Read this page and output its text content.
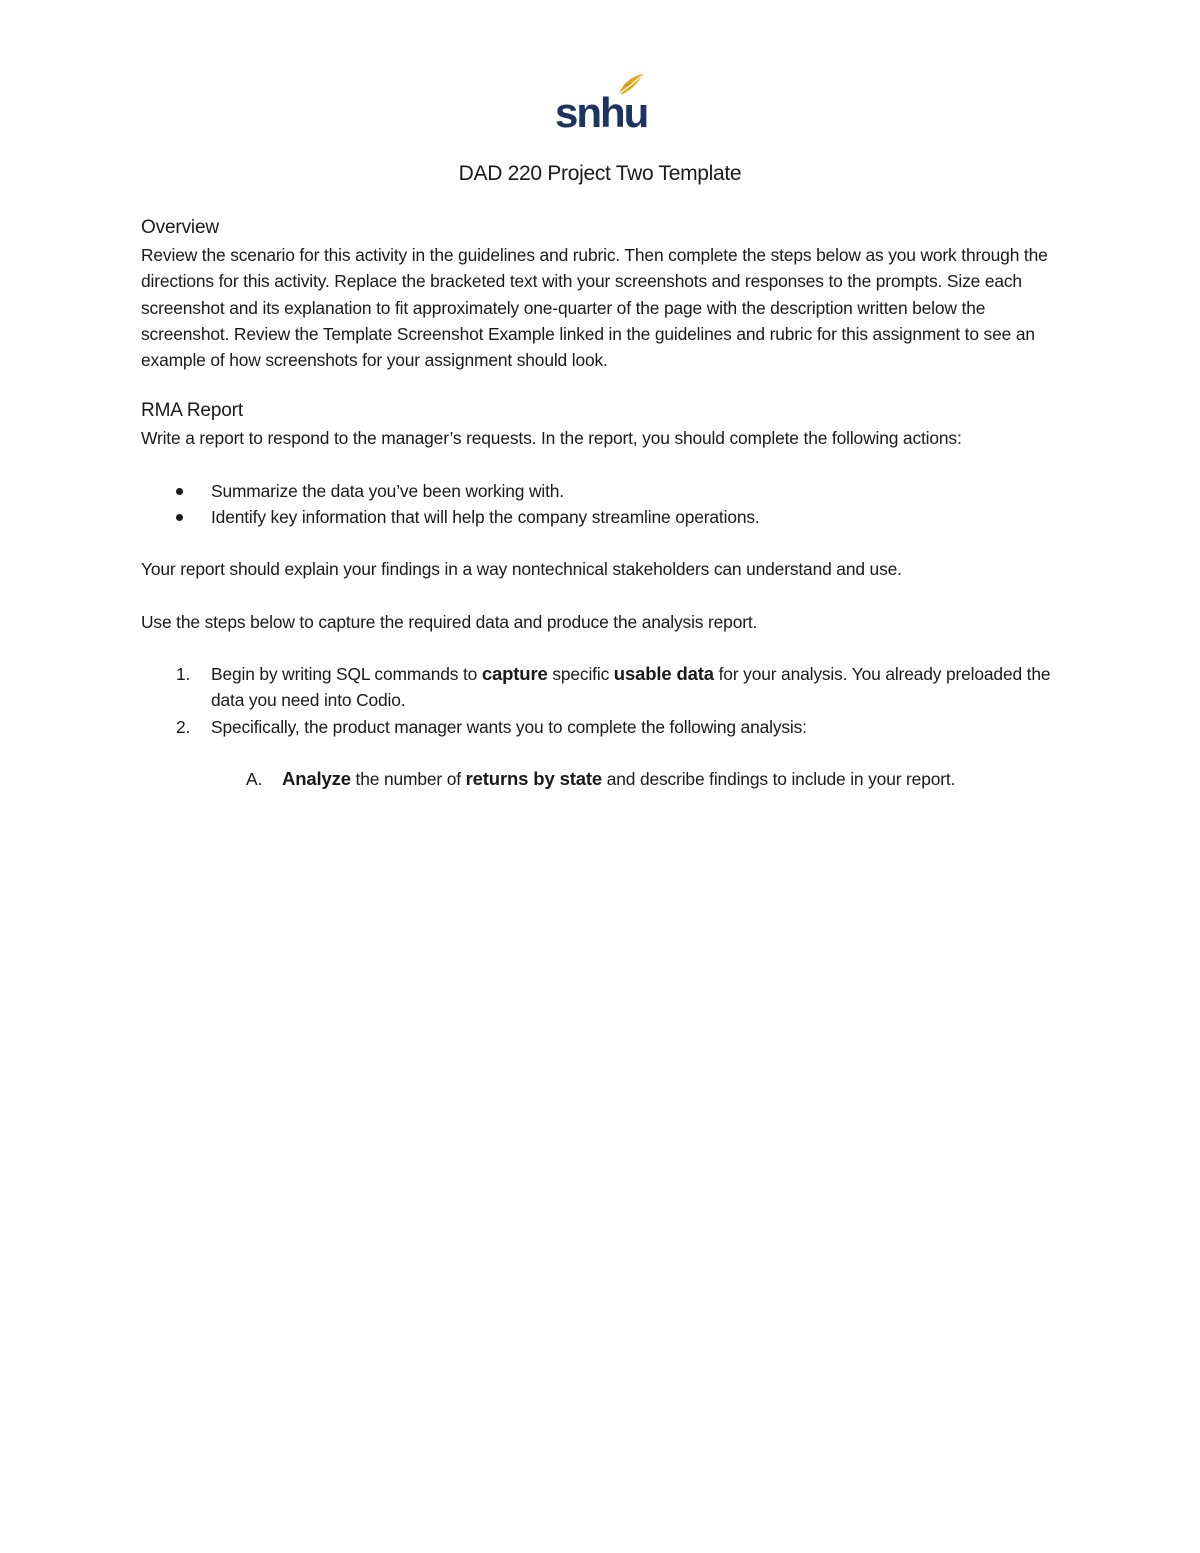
snhu
DAD 220 Project Two Template
Overview

Review the scenario for this activity in the guidelines and rubric. Then complete the steps below as you work through the directions for this activity. Replace the bracketed text with your screenshots and responses to the prompts. Size each screenshot and its explanation to fit approximately one-quarter of the page with the description written below the screenshot. Review the Template Screenshot Example linked in the guidelines and rubric for this assignment to see an example of how screenshots for your assignment should look.

RMA Report

Write a report to respond to the manager’s requests. In the report, you should complete the following actions:

Summarize the data you’ve been working with.
Identify key information that will help the company streamline operations.

Your report should explain your findings in a way nontechnical stakeholders can understand and use.

Use the steps below to capture the required data and produce the analysis report.

1. Begin by writing SQL commands to capture specific usable data for your analysis. You already preloaded the data you need into Codio.
2. Specifically, the product manager wants you to complete the following analysis:
A. Analyze the number of returns by state and describe findings to include in your report.
